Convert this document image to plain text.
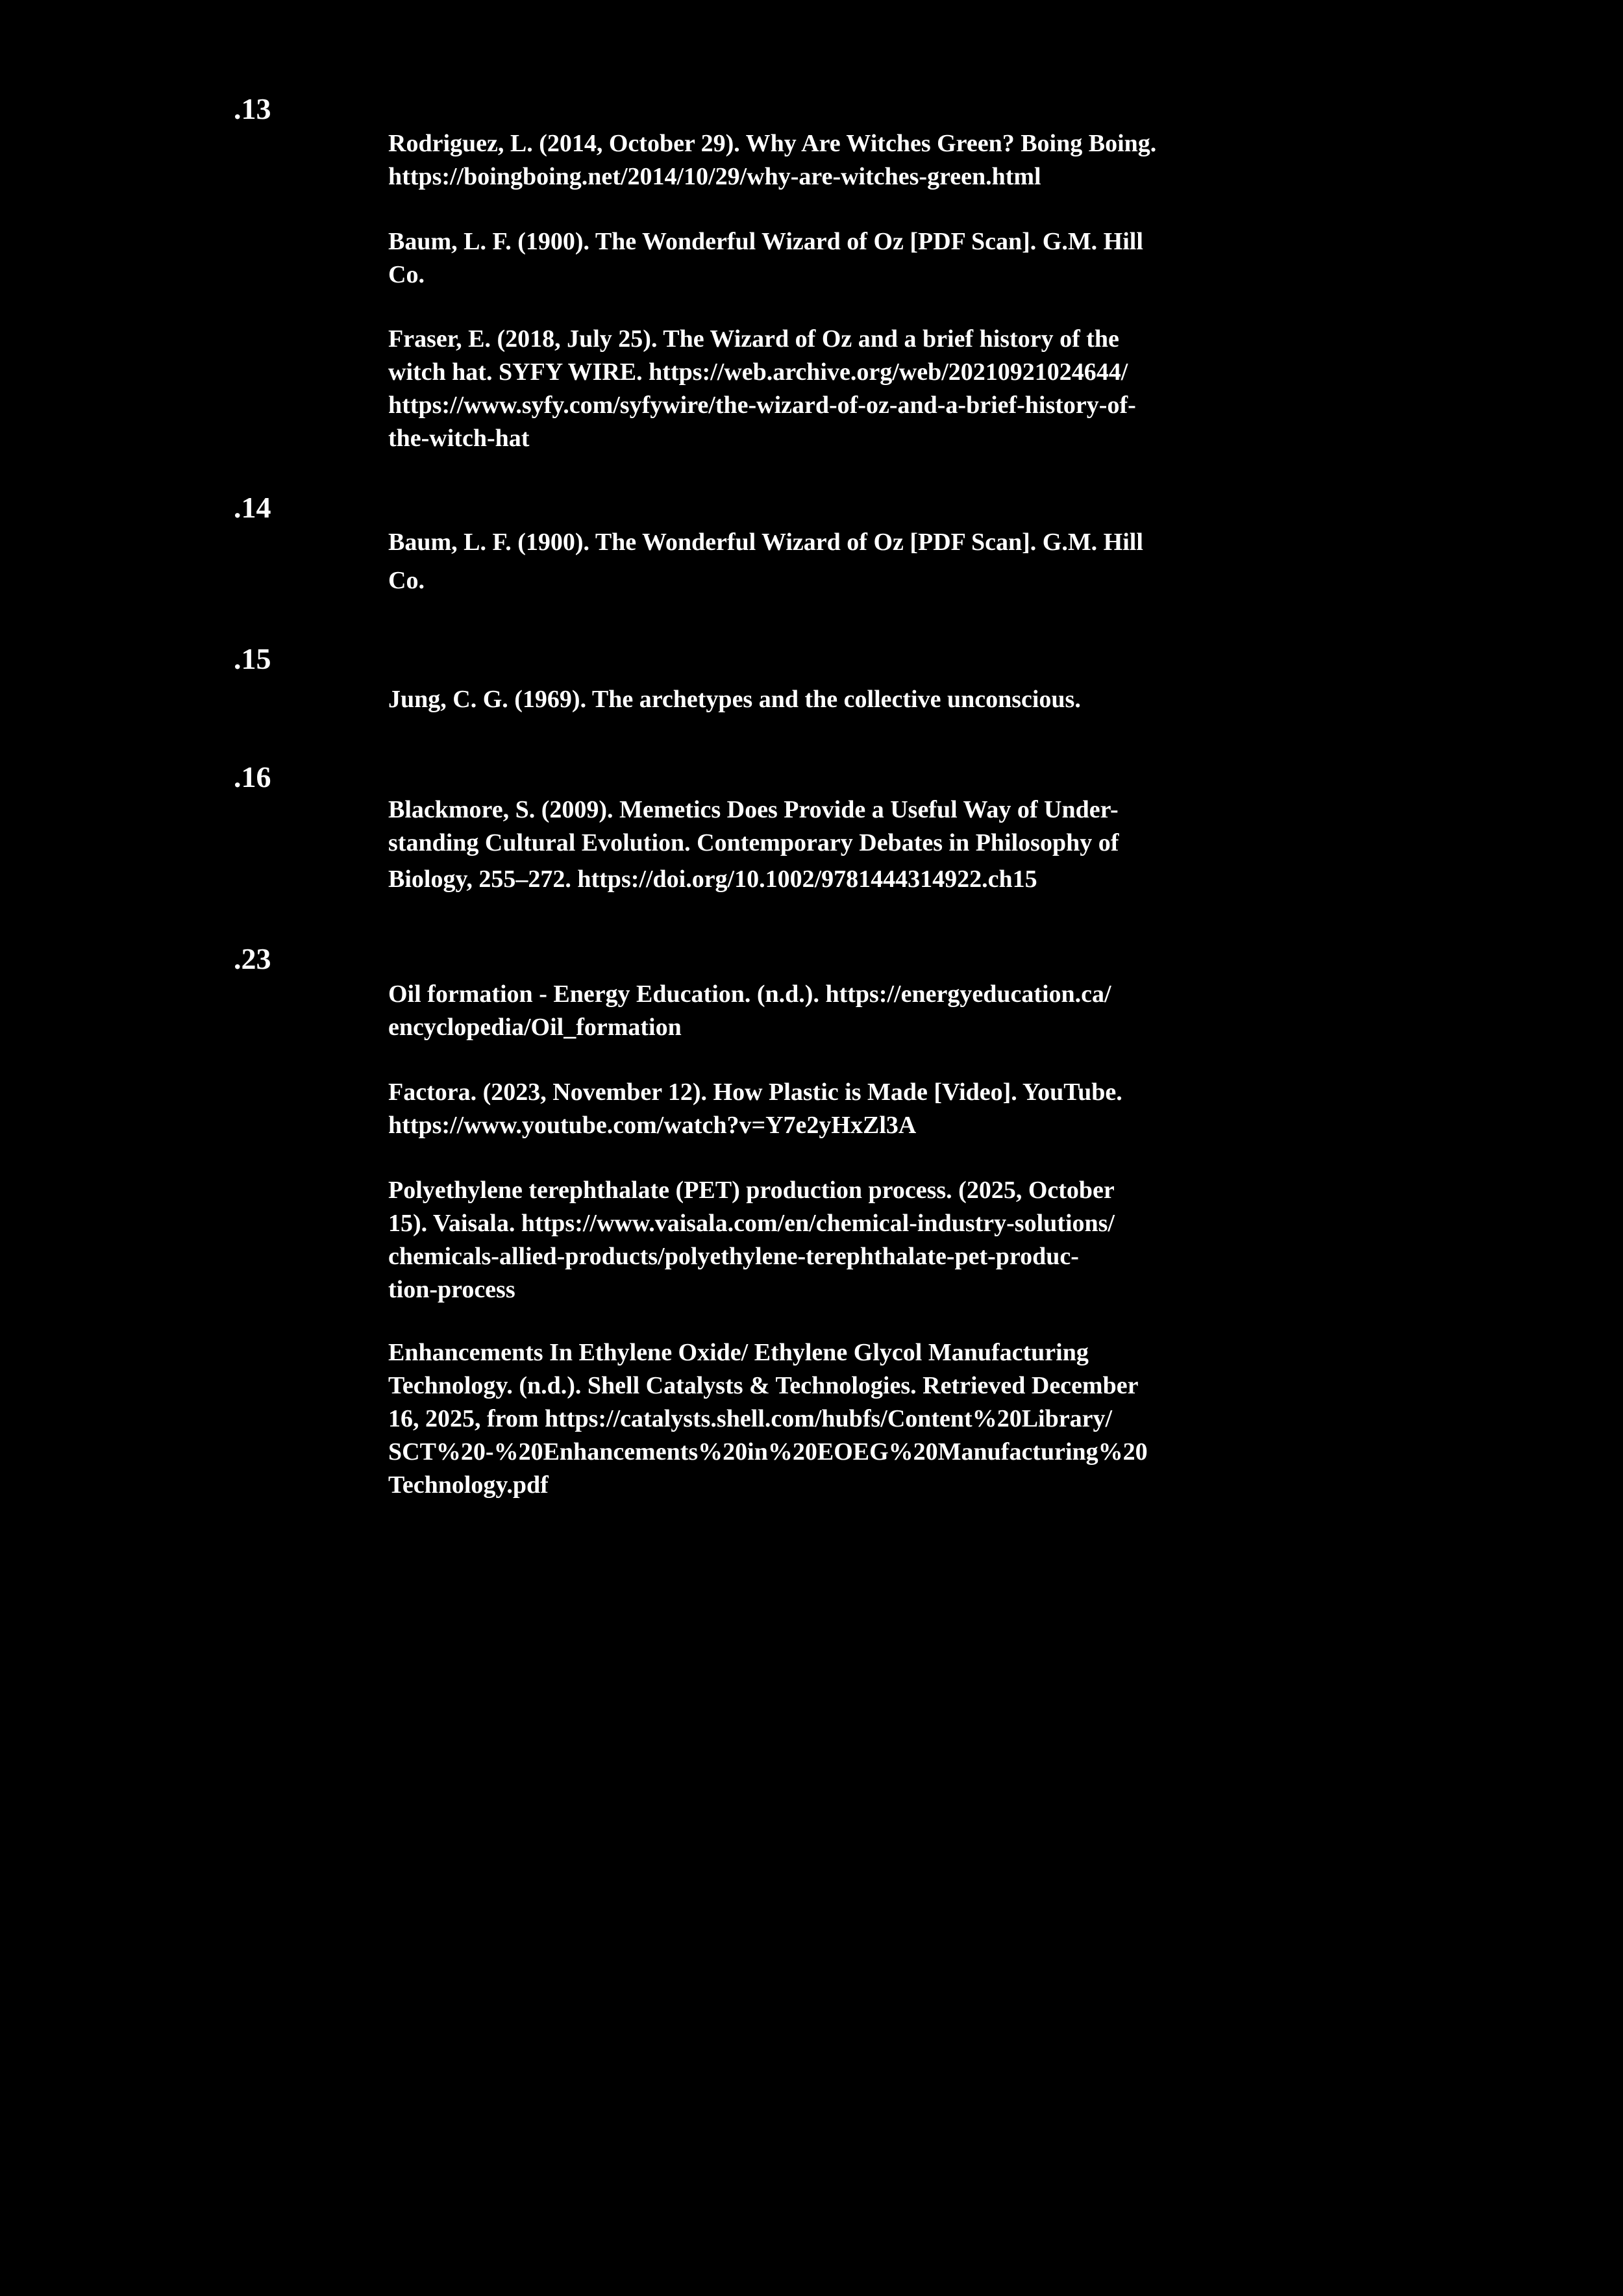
.13
Rodriguez, L. (2014, October 29). Why Are Witches Green? Boing Boing.
https://boingboing.net/2014/10/29/why-are-witches-green.html
Baum, L. F. (1900). The Wonderful Wizard of Oz [PDF Scan]. G.M. Hill
Co.
Fraser, E. (2018, July 25). The Wizard of Oz and a brief history of the
witch hat. SYFY WIRE. https://web.archive.org/web/20210921024644/
https://www.syfy.com/syfywire/the-wizard-of-oz-and-a-brief-history-of-
the-witch-hat
.14
Baum, L. F. (1900). The Wonderful Wizard of Oz [PDF Scan]. G.M. Hill
Co.
.15
Jung, C. G. (1969). The archetypes and the collective unconscious.
.16
Blackmore, S. (2009). Memetics Does Provide a Useful Way of Under-
standing Cultural Evolution. Contemporary Debates in Philosophy of
Biology, 255–272. https://doi.org/10.1002/9781444314922.ch15
.23
Oil formation - Energy Education. (n.d.). https://energyeducation.ca/
encyclopedia/Oil_formation
Factora. (2023, November 12). How Plastic is Made [Video]. YouTube.
https://www.youtube.com/watch?v=Y7e2yHxZl3A
Polyethylene terephthalate (PET) production process. (2025, October
15). Vaisala. https://www.vaisala.com/en/chemical-industry-solutions/
chemicals-allied-products/polyethylene-terephthalate-pet-produc-
tion-process
Enhancements In Ethylene Oxide/ Ethylene Glycol Manufacturing
Technology. (n.d.). Shell Catalysts & Technologies. Retrieved December
16, 2025, from https://catalysts.shell.com/hubfs/Content%20Library/
SCT%20-%20Enhancements%20in%20EOEG%20Manufacturing%20
Technology.pdf
